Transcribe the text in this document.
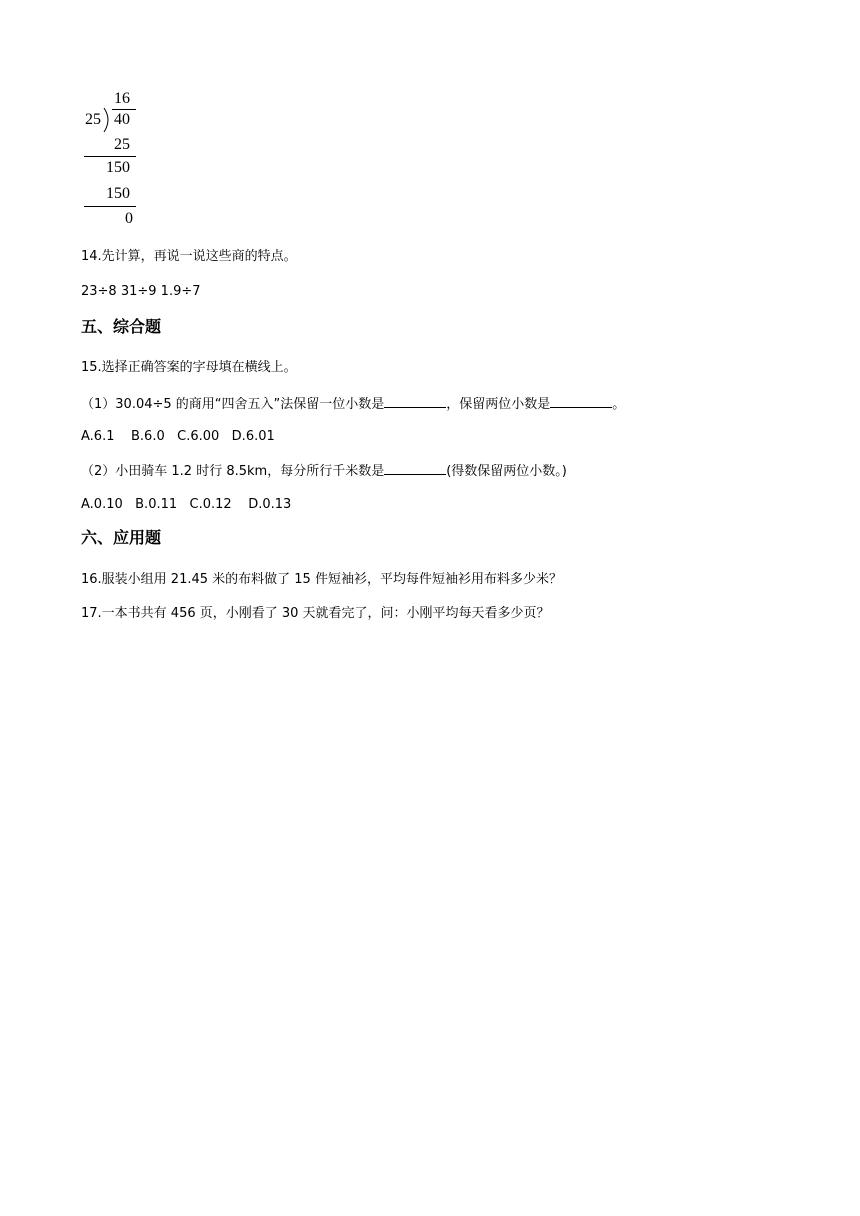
16
25 40
25
150
150
0
14.先计算，再说一说这些商的特点。
23÷8 31÷9 1.9÷7
五、综合题
15.选择正确答案的字母填在横线上。
（1）30.04÷5 的商用“四舍五入”法保留一位小数是	，保留两位小数是	。
A.6.1    B.6.0   C.6.00   D.6.01
（2）小田骑车 1.2 时行 8.5km，每分所行千米数是	(得数保留两位小数。)
A.0.10   B.0.11   C.0.12    D.0.13
六、应用题
16.服装小组用 21.45 米的布料做了 15 件短袖衫，平均每件短袖衫用布料多少米？
17.一本书共有 456 页，小刚看了 30 天就看完了，问：小刚平均每天看多少页？
